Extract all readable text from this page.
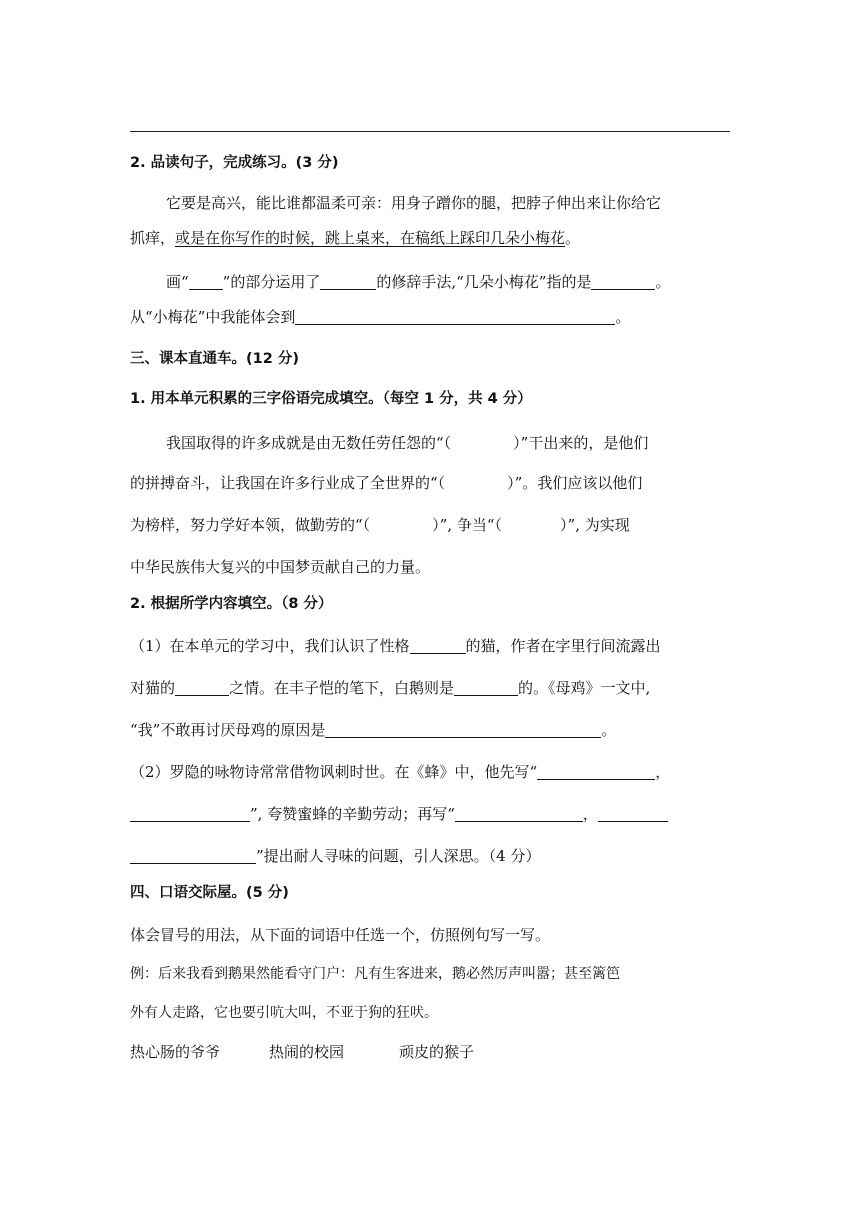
2. 品读句子，完成练习。(3 分)
它要是高兴，能比谁都温柔可亲：用身子蹭你的腿，把脖子伸出来让你给它
抓痒，或是在你写作的时候，跳上桌来，在稿纸上踩印几朵小梅花。
画“ ”的部分运用了	的修辞手法,“几朵小梅花”指的是	。
从“小梅花”中我能体会到	。
三、课本直通车。(12 分)
1. 用本单元积累的三字俗语完成填空。（每空 1 分，共 4 分）
我国取得的许多成就是由无数任劳任怨的“（	）”干出来的，是他们
的拼搏奋斗，让我国在许多行业成了全世界的“（	）”。我们应该以他们
为榜样，努力学好本领，做勤劳的“（	）”, 争当“（	）”, 为实现
中华民族伟大复兴的中国梦贡献自己的力量。
2. 根据所学内容填空。（8 分）
（1）在本单元的学习中，我们认识了性格	的猫，作者在字里行间流露出
对猫的	之情。在丰子恺的笔下，白鹅则是	的。《母鸡》一文中,
“我”不敢再讨厌母鸡的原因是	。
（2）罗隐的咏物诗常常借物讽刺时世。在《蜂》中，他先写“	，
”, 夸赞蜜蜂的辛勤劳动；再写“	，
”提出耐人寻味的问题，引人深思。（4 分）
四、口语交际屋。(5 分)
体会冒号的用法，从下面的词语中任选一个，仿照例句写一写。
例：后来我看到鹅果然能看守门户：凡有生客进来，鹅必然厉声叫嚣；甚至篱笆
外有人走路，它也要引吭大叫，不亚于狗的狂吠。
热心肠的爷爷	热闹的校园	顽皮的猴子
